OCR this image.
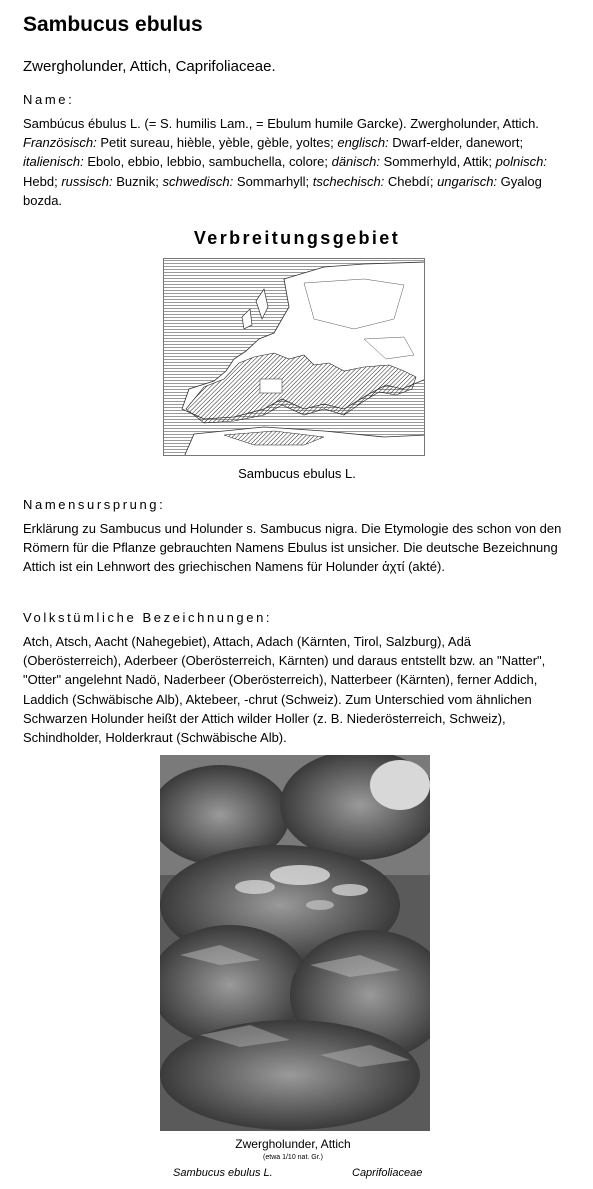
Sambucus ebulus

Zwergholunder, Attich, Caprifoliaceae.

Name:

Sambúcus ébulus L. (= S. humilis Lam., = Ebulum humile Garcke). Zwergholunder, Attich. Französisch: Petit sureau, hièble, yèble, gèble, yoltes; englisch: Dwarf-elder, danewort; italienisch: Ebolo, ebbio, lebbio, sambuchella, colore; dänisch: Sommerhyld, Attik; polnisch: Hebd; russisch: Buznik; schwedisch: Sommarhyll; tschechisch: Chebdí; ungarisch: Gyalog bozda.

Verbreitungsgebiet
Sambucus ebulus L.
Namensursprung:

Erklärung zu Sambucus und Holunder s. Sambucus nigra. Die Etymologie des schon von den Römern für die Pflanze gebrauchten Namens Ebulus ist unsicher. Die deutsche Bezeichnung Attich ist ein Lehnwort des griechischen Namens für Holunder ἀχτί (akté).

Volkstümliche Bezeichnungen:

Atch, Atsch, Aacht (Nahegebiet), Attach, Adach (Kärnten, Tirol, Salzburg), Adä (Oberösterreich), Aderbeer (Oberösterreich, Kärnten) und daraus entstellt bzw. an "Natter", "Otter" angelehnt Nadö, Naderbeer (Oberösterreich), Natterbeer (Kärnten), ferner Addich, Laddich (Schwäbische Alb), Aktebeer, -chrut (Schweiz). Zum Unterschied vom ähnlichen Schwarzen Holunder heißt der Attich wilder Holler (z. B. Niederösterreich, Schweiz), Schindholder, Holderkraut (Schwäbische Alb).

Zwergholunder, Attich
(etwa 1/10 nat. Gr.)
Sambucus ebulus L.	Caprifoliaceae
